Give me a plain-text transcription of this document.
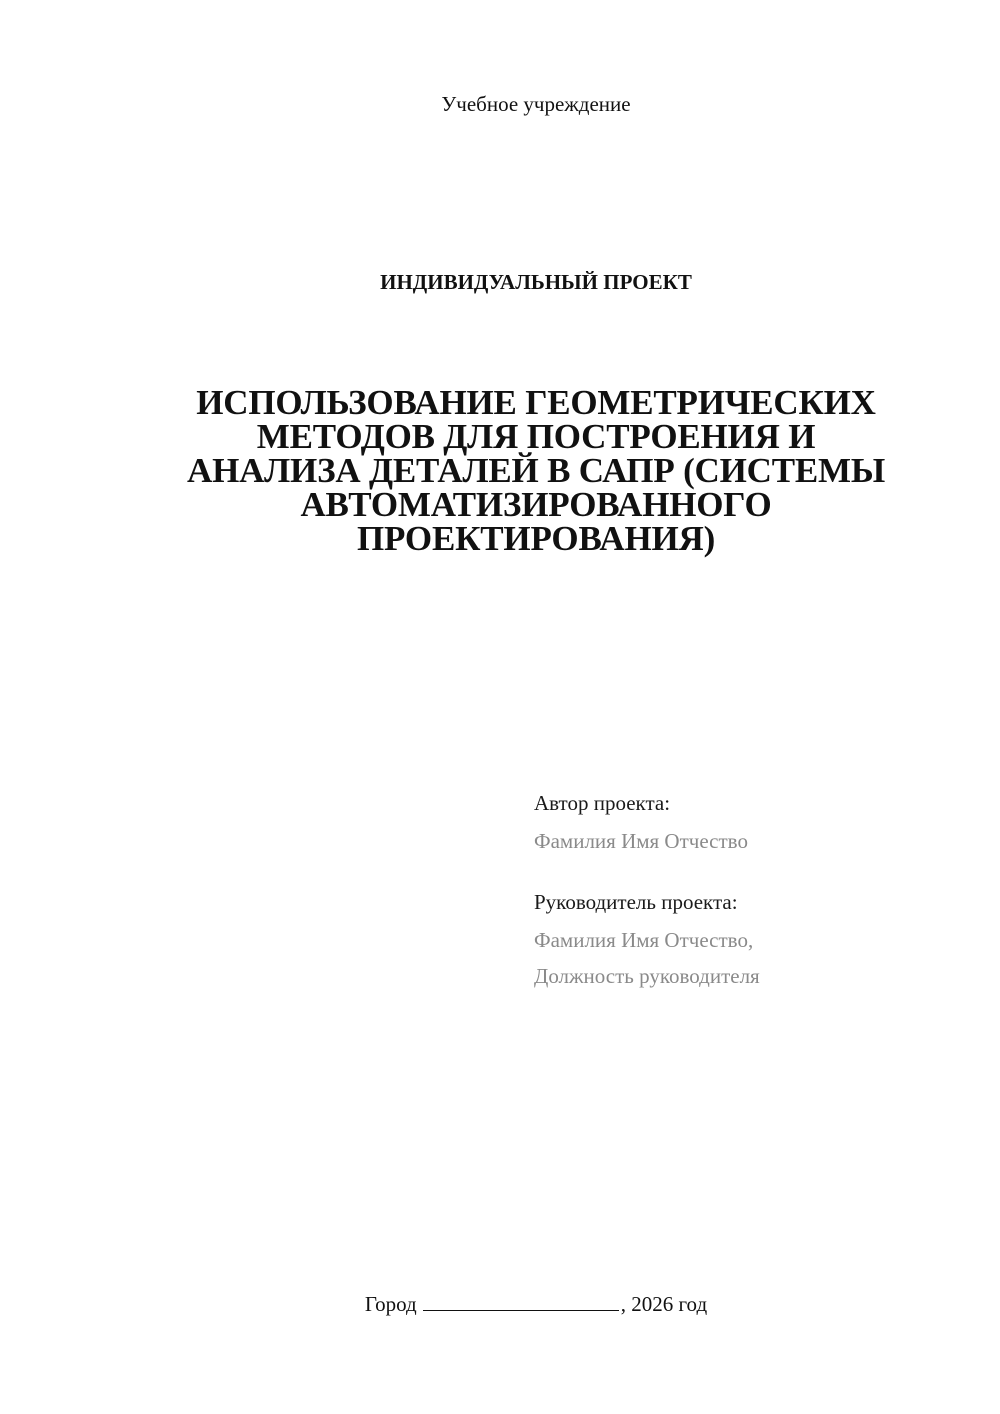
Учебное учреждение
ИНДИВИДУАЛЬНЫЙ ПРОЕКТ
ИСПОЛЬЗОВАНИЕ ГЕОМЕТРИЧЕСКИХ
МЕТОДОВ ДЛЯ ПОСТРОЕНИЯ И
АНАЛИЗА ДЕТАЛЕЙ В САПР (СИСТЕМЫ
АВТОМАТИЗИРОВАННОГО
ПРОЕКТИРОВАНИЯ)
Автор проекта:
Фамилия Имя Отчество
Руководитель проекта:
Фамилия Имя Отчество,
Должность руководителя
Город	, 2026 год
